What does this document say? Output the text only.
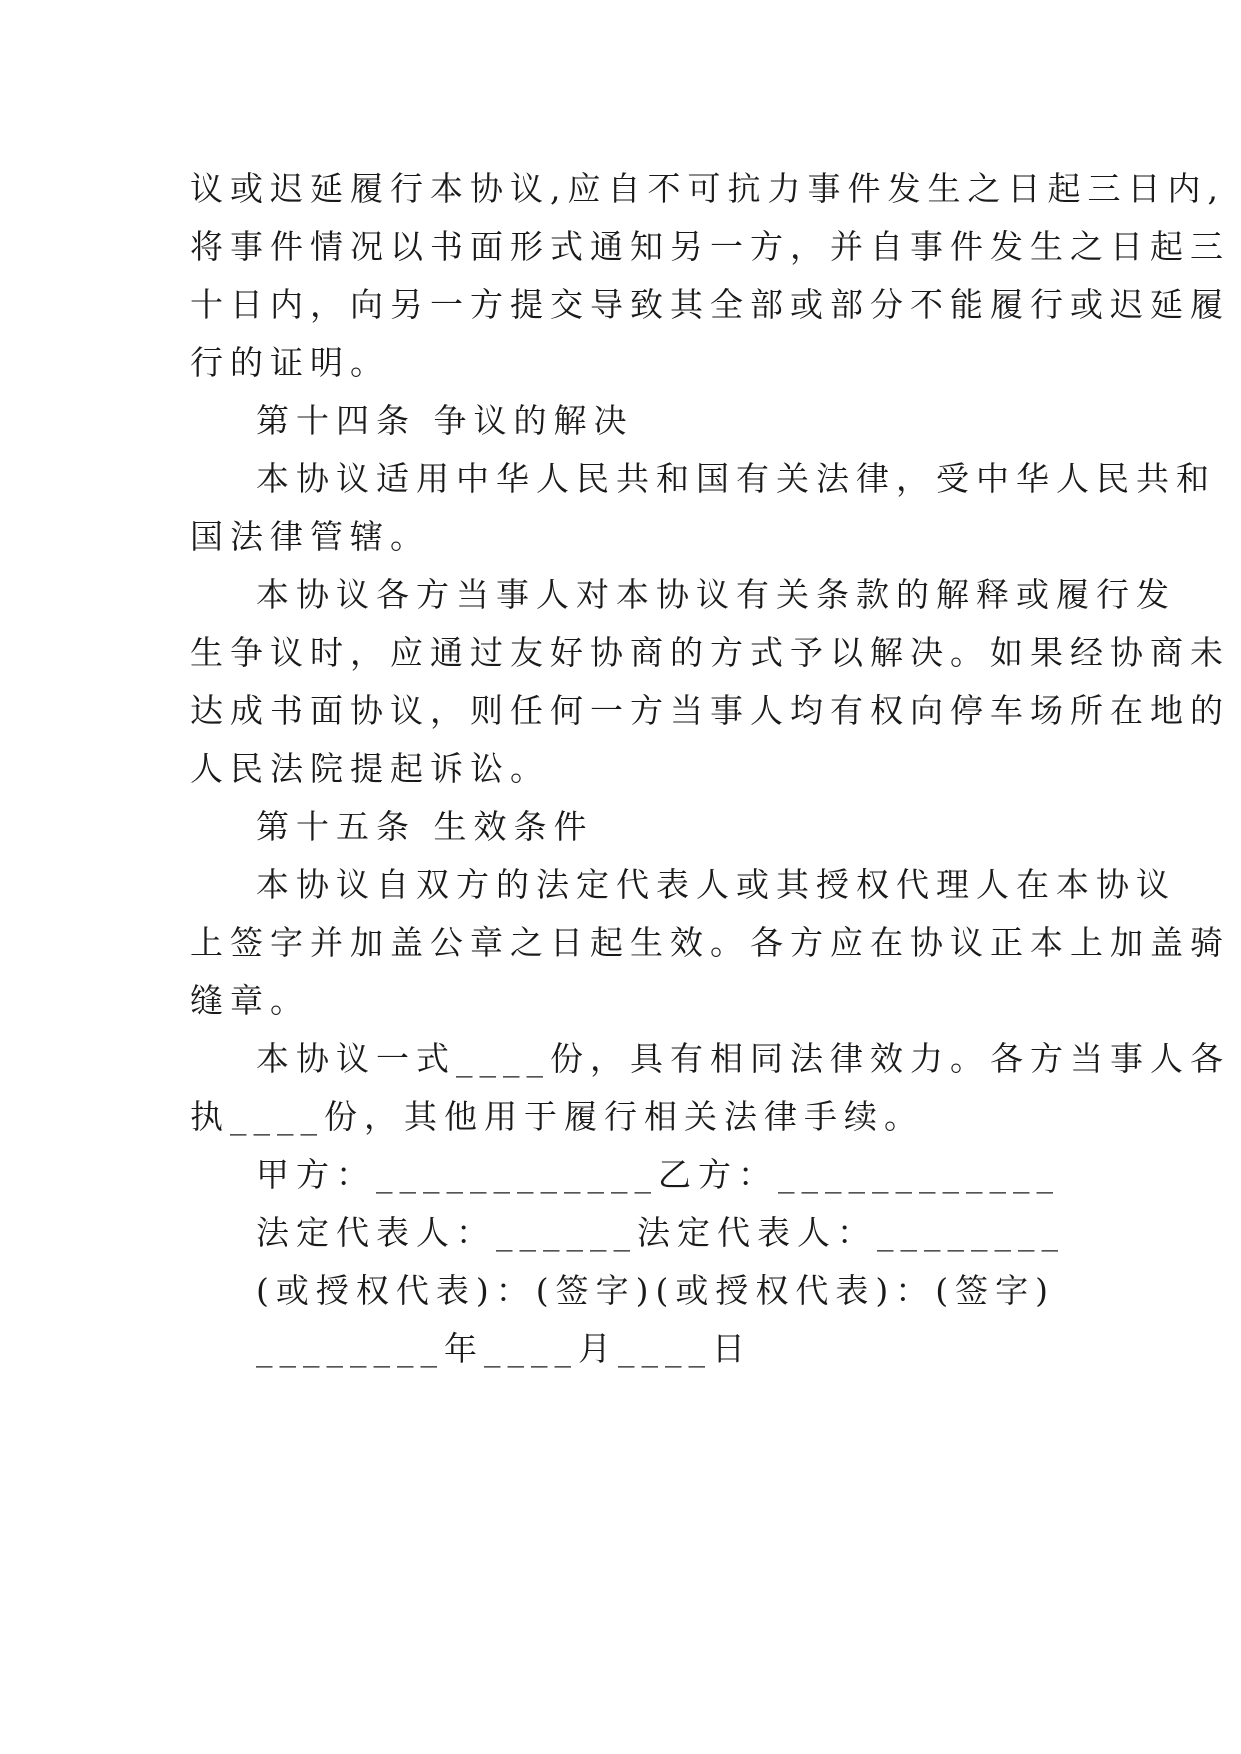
议或迟延履行本协议,应自不可抗力事件发生之日起三日内,
将事件情况以书面形式通知另一方，并自事件发生之日起三
十日内，向另一方提交导致其全部或部分不能履行或迟延履
行的证明。
第十四条 争议的解决
本协议适用中华人民共和国有关法律，受中华人民共和
国法律管辖。
本协议各方当事人对本协议有关条款的解释或履行发
生争议时，应通过友好协商的方式予以解决。如果经协商未
达成书面协议，则任何一方当事人均有权向停车场所在地的
人民法院提起诉讼。
第十五条 生效条件
本协议自双方的法定代表人或其授权代理人在本协议
上签字并加盖公章之日起生效。各方应在协议正本上加盖骑
缝章。
本协议一式____份，具有相同法律效力。各方当事人各
执____份，其他用于履行相关法律手续。
甲方：____________乙方：____________
法定代表人：______法定代表人：________
(或授权代表)：(签字)(或授权代表)：(签字)
________年____月____日
